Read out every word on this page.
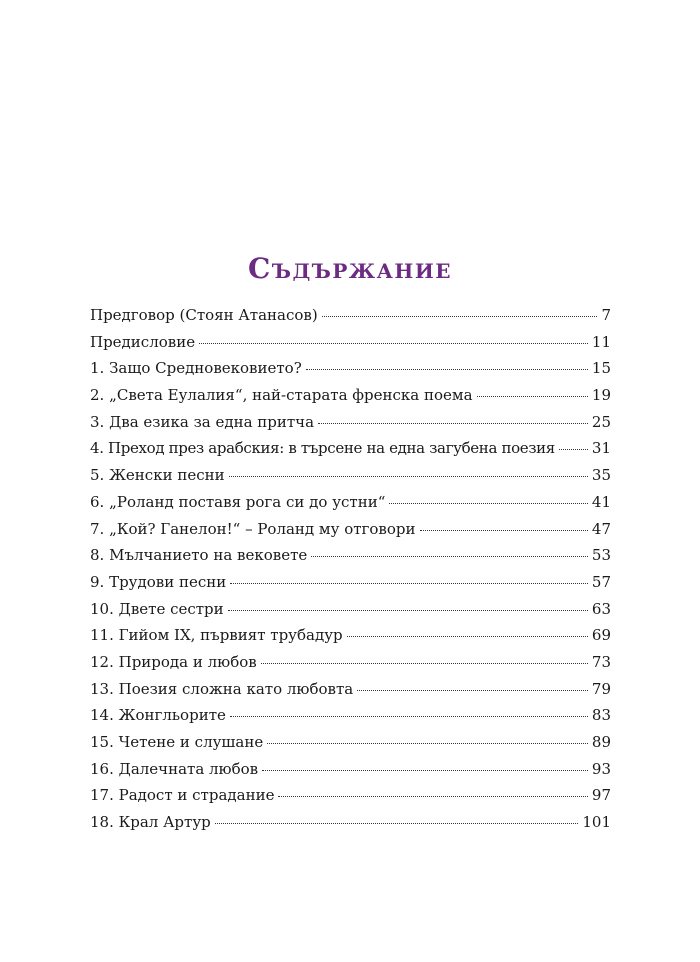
Съдържание
Предговор (Стоян Атанасов)	7
Предисловие	11
1. Защо Средновековието?	15
2. „Света Еулалия“, най-старата френска поема	19
3. Два езика за една притча	25
4. Преход през арабския: в търсене на една загубена поезия 31
5. Женски песни	35
6. „Роланд поставя рога си до устни“	41
7. „Кой? Ганелон!“ – Роланд му отговори	47
8. Мълчанието на вековете	53
9. Трудови песни	57
10. Двете сестри	63
11. Гийом IX, първият трубадур	69
12. Природа и любов	73
13. Поезия сложна като любовта	79
14. Жонгльорите	83
15. Четене и слушане	89
16. Далечната любов	93
17. Радост и страдание	97
18. Крал Артур	101
